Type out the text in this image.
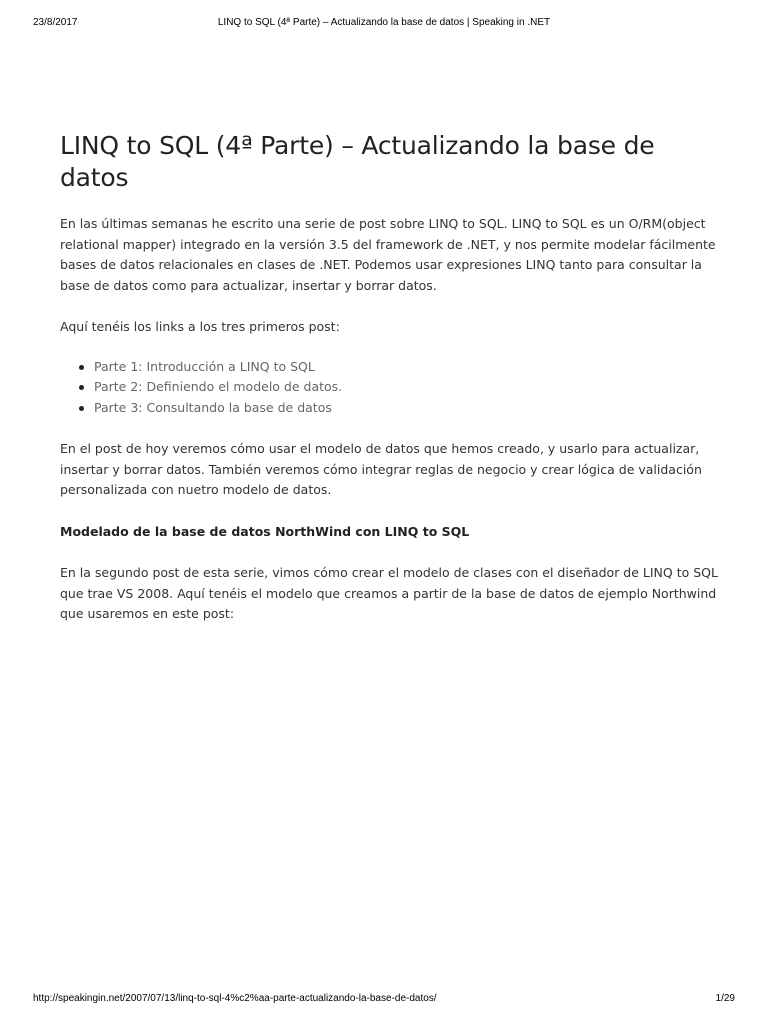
23/8/2017	LINQ to SQL (4ª Parte) – Actualizando la base de datos | Speaking in .NET
LINQ to SQL (4ª Parte) – Actualizando la base de datos

En las últimas semanas he escrito una serie de post sobre LINQ to SQL. LINQ to SQL es un O/RM(object relational mapper) integrado en la versión 3.5 del framework de .NET, y nos permite modelar fácilmente bases de datos relacionales en clases de .NET. Podemos usar expresiones LINQ tanto para consultar la base de datos como para actualizar, insertar y borrar datos.

Aquí tenéis los links a los tres primeros post:

Parte 1: Introducción a LINQ to SQL
Parte 2: Definiendo el modelo de datos.
Parte 3: Consultando la base de datos

En el post de hoy veremos cómo usar el modelo de datos que hemos creado, y usarlo para actualizar, insertar y borrar datos. También veremos cómo integrar reglas de negocio y crear lógica de validación personalizada con nuetro modelo de datos.

Modelado de la base de datos NorthWind con LINQ to SQL

En la segundo post de esta serie, vimos cómo crear el modelo de clases con el diseñador de LINQ to SQL que trae VS 2008. Aquí tenéis el modelo que creamos a partir de la base de datos de ejemplo Northwind que usaremos en este post:

http://speakingin.net/2007/07/13/linq-to-sql-4%c2%aa-parte-actualizando-la-base-de-datos/	1/29
